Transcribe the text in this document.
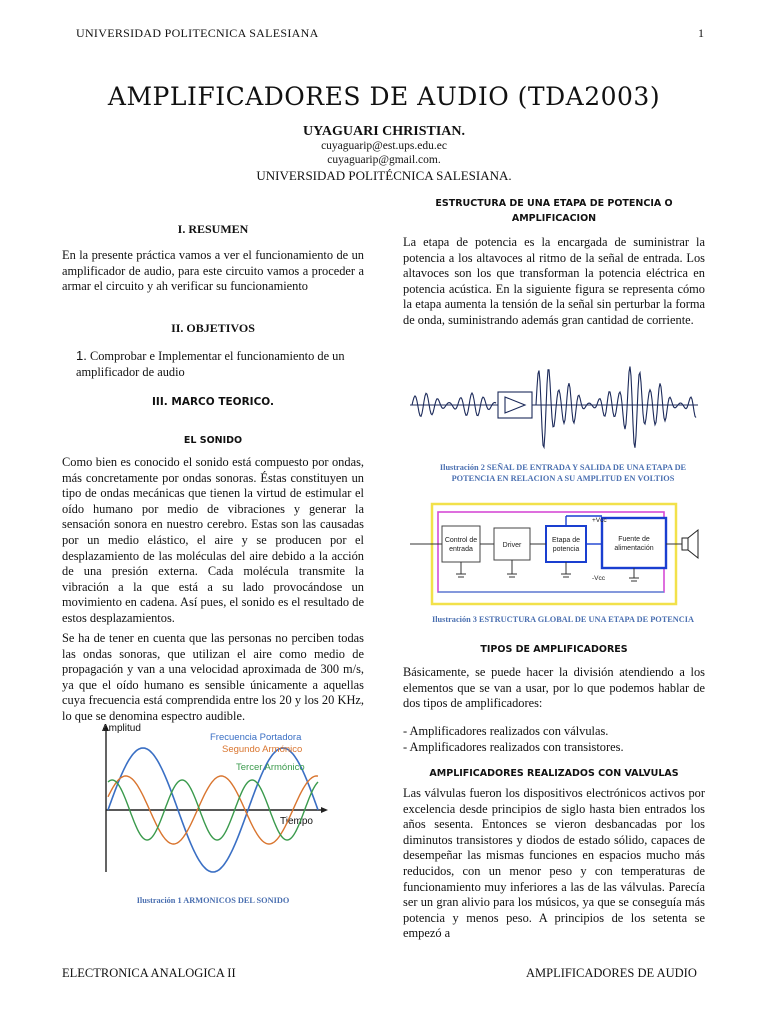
UNIVERSIDAD POLITECNICA SALESIANA	1
AMPLIFICADORES DE AUDIO (TDA2003)
UYAGUARI CHRISTIAN.
cuyaguarip@est.ups.edu.ec
cuyaguarip@gmail.com.
UNIVERSIDAD POLITÉCNICA SALESIANA.
I. RESUMEN

En la presente práctica vamos a ver el funcionamiento de un amplificador de audio, para este circuito vamos a proceder a armar el circuito y ah verificar su funcionamiento

II. OBJETIVOS

1. Comprobar e Implementar el funcionamiento de un amplificador de audio

III. MARCO TEORICO.
EL SONIDO

Como bien es conocido el sonido está compuesto por ondas, más concretamente por ondas sonoras. Éstas constituyen un tipo de ondas mecánicas que tienen la virtud de estimular el oído humano por medio de vibraciones y generar la sensación sonora en nuestro cerebro. Estas son las causadas por un medio elástico, el aire y se producen por el desplazamiento de las moléculas del aire debido a la acción de una presión externa. Cada molécula transmite la vibración a la que está a su lado provocándose un movimiento en cadena. Así pues, el sonido es el resultado de estos desplazamientos.

Se ha de tener en cuenta que las personas no perciben todas las ondas sonoras, que utilizan el aire como medio de propagación y van a una velocidad aproximada de 300 m/s, ya que el oído humano es sensible únicamente a aquellas cuya frecuencia está comprendida entre los 20 y los 20 KHz, lo que se denomina espectro audible.

Amplitud
Tiempo
Frecuencia Portadora
Segundo Armónico
Tercer Armónico
Ilustración 1 ARMONICOS DEL SONIDO
ESTRUCTURA DE UNA ETAPA DE POTENCIA O AMPLIFICACION

La etapa de potencia es la encargada de suministrar la potencia a los altavoces al ritmo de la señal de entrada. Los altavoces son los que transforman la potencia eléctrica en potencia acústica. En la siguiente figura se representa cómo la etapa aumenta la tensión de la señal sin perturbar la forma de onda, suministrando además gran cantidad de corriente.

Ilustración 2 SEÑAL DE ENTRADA Y SALIDA DE UNA ETAPA DE POTENCIA EN RELACION A SU AMPLITUD EN VOLTIOS
Control de
entrada
Driver
Etapa de
potencia
Fuente de
alimentación
+Vcc
-Vcc
Ilustración 3 ESTRUCTURA GLOBAL DE UNA ETAPA DE POTENCIA
TIPOS DE AMPLIFICADORES

Básicamente, se puede hacer la división atendiendo a los elementos que se van a usar, por lo que podemos hablar de dos tipos de amplificadores:

- Amplificadores realizados con válvulas.
- Amplificadores realizados con transistores.
AMPLIFICADORES REALIZADOS CON VALVULAS

Las válvulas fueron los dispositivos electrónicos activos por excelencia desde principios de siglo hasta bien entrados los años sesenta. Entonces se vieron desbancadas por los diminutos transistores y diodos de estado sólido, capaces de desempeñar las mismas funciones en espacios mucho más reducidos, con un menor peso y con temperaturas de funcionamiento muy inferiores a las de las válvulas. Parecía ser un gran alivio para los músicos, ya que se conseguía más potencia y menos peso. A principios de los setenta se empezó a

ELECTRONICA ANALOGICA II	AMPLIFICADORES DE AUDIO
